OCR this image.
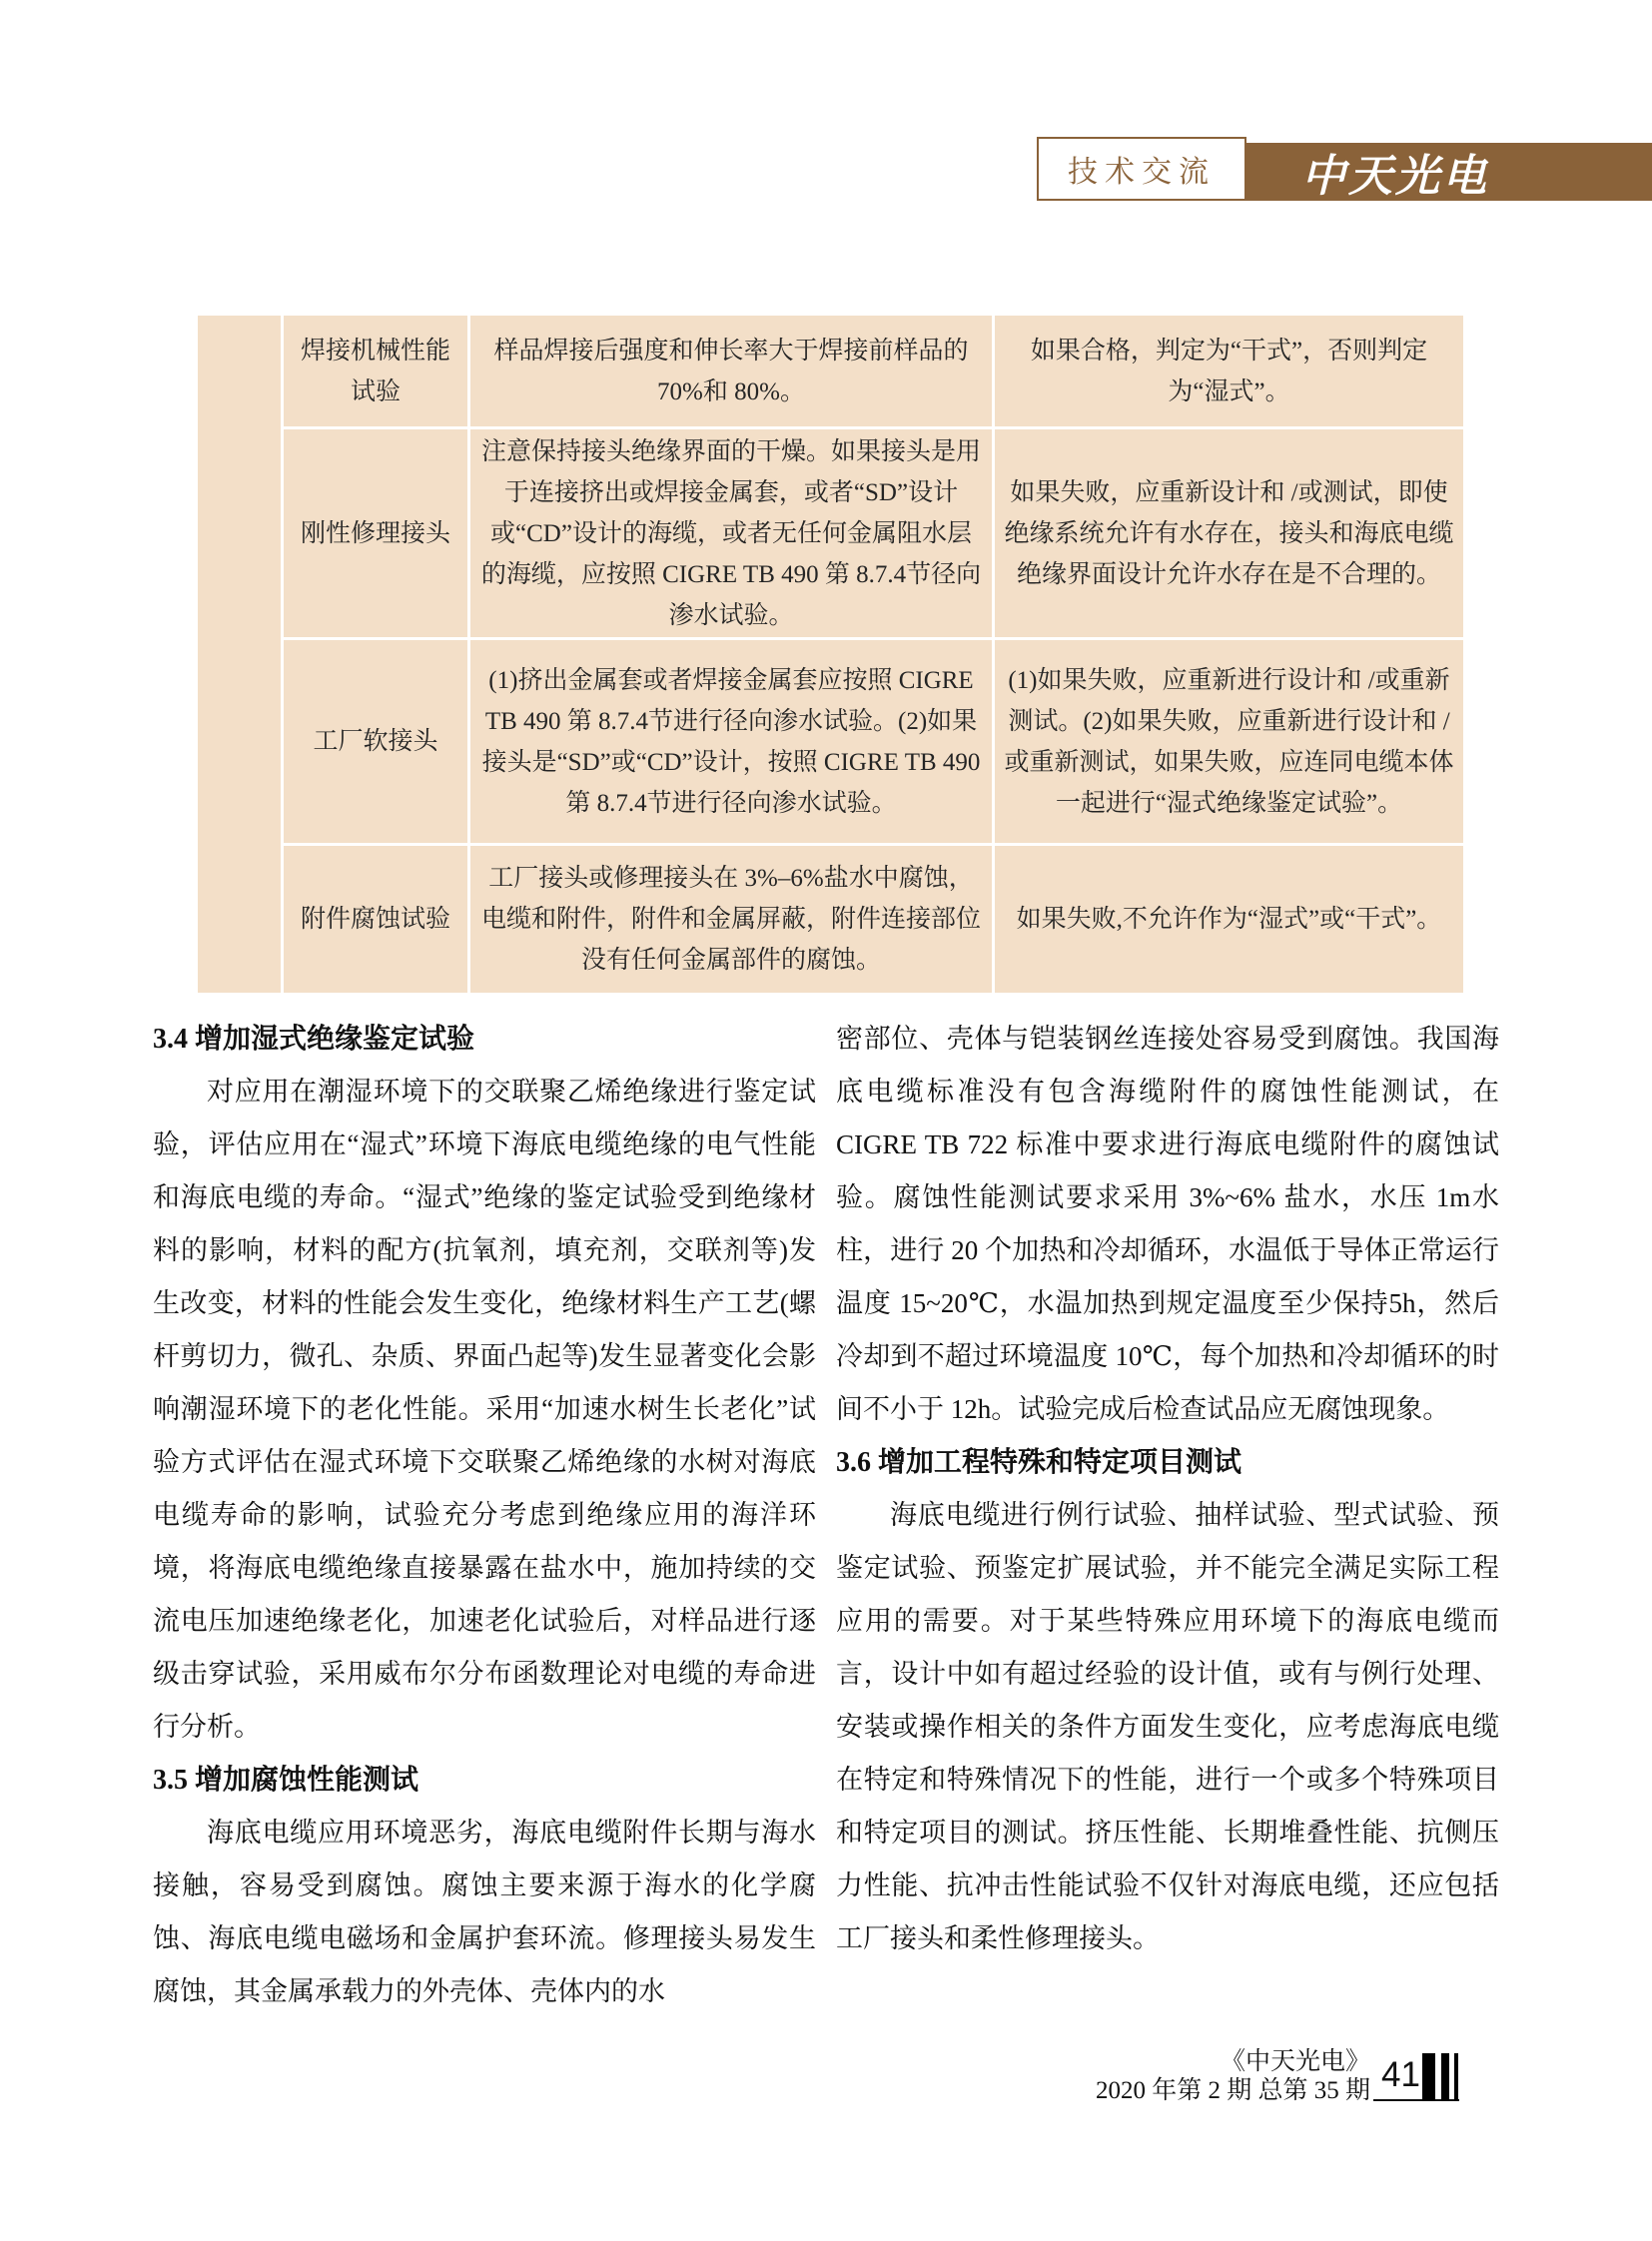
技术交流 中天光电
焊接机械性能试验
样品焊接后强度和伸长率大于焊接前样品的70%和 80%。
如果合格，判定为“干式”，否则判定为“湿式”。
刚性修理接头
注意保持接头绝缘界面的干燥。如果接头是用于连接挤出或焊接金属套，或者“SD”设计或“CD”设计的海缆，或者无任何金属阻水层的海缆，应按照 CIGRE TB 490 第 8.7.4节径向渗水试验。
如果失败，应重新设计和 /或测试，即使绝缘系统允许有水存在，接头和海底电缆绝缘界面设计允许水存在是不合理的。
工厂软接头
(1)挤出金属套或者焊接金属套应按照 CIGRE TB 490 第 8.7.4节进行径向渗水试验。(2)如果接头是“SD”或“CD”设计，按照 CIGRE TB 490 第 8.7.4节进行径向渗水试验。
(1)如果失败，应重新进行设计和 /或重新测试。(2)如果失败，应重新进行设计和 /或重新测试，如果失败，应连同电缆本体一起进行“湿式绝缘鉴定试验”。
附件腐蚀试验
工厂接头或修理接头在 3%–6%盐水中腐蚀，电缆和附件，附件和金属屏蔽，附件连接部位没有任何金属部件的腐蚀。
如果失败,不允许作为“湿式”或“干式”。
3.4 增加湿式绝缘鉴定试验

对应用在潮湿环境下的交联聚乙烯绝缘进行鉴定试验，评估应用在“湿式”环境下海底电缆绝缘的电气性能和海底电缆的寿命。“湿式”绝缘的鉴定试验受到绝缘材料的影响，材料的配方(抗氧剂，填充剂，交联剂等)发生改变，材料的性能会发生变化，绝缘材料生产工艺(螺杆剪切力，微孔、杂质、界面凸起等)发生显著变化会影响潮湿环境下的老化性能。采用“加速水树生长老化”试验方式评估在湿式环境下交联聚乙烯绝缘的水树对海底电缆寿命的影响，试验充分考虑到绝缘应用的海洋环境，将海底电缆绝缘直接暴露在盐水中，施加持续的交流电压加速绝缘老化，加速老化试验后，对样品进行逐级击穿试验，采用威布尔分布函数理论对电缆的寿命进行分析。

3.5 增加腐蚀性能测试

海底电缆应用环境恶劣，海底电缆附件长期与海水接触，容易受到腐蚀。腐蚀主要来源于海水的化学腐蚀、海底电缆电磁场和金属护套环流。修理接头易发生腐蚀，其金属承载力的外壳体、壳体内的水

密部位、壳体与铠装钢丝连接处容易受到腐蚀。我国海底电缆标准没有包含海缆附件的腐蚀性能测试，在 CIGRE TB 722 标准中要求进行海底电缆附件的腐蚀试验。腐蚀性能测试要求采用 3%~6% 盐水，水压 1m水柱，进行 20 个加热和冷却循环，水温低于导体正常运行温度 15~20℃，水温加热到规定温度至少保持5h，然后冷却到不超过环境温度 10℃，每个加热和冷却循环的时间不小于 12h。试验完成后检查试品应无腐蚀现象。

3.6 增加工程特殊和特定项目测试

海底电缆进行例行试验、抽样试验、型式试验、预鉴定试验、预鉴定扩展试验，并不能完全满足实际工程应用的需要。对于某些特殊应用环境下的海底电缆而言，设计中如有超过经验的设计值，或有与例行处理、安装或操作相关的条件方面发生变化，应考虑海底电缆在特定和特殊情况下的性能，进行一个或多个特殊项目和特定项目的测试。挤压性能、长期堆叠性能、抗侧压力性能、抗冲击性能试验不仅针对海底电缆，还应包括工厂接头和柔性修理接头。

《中天光电》
2020 年第 2 期 总第 35 期 41
